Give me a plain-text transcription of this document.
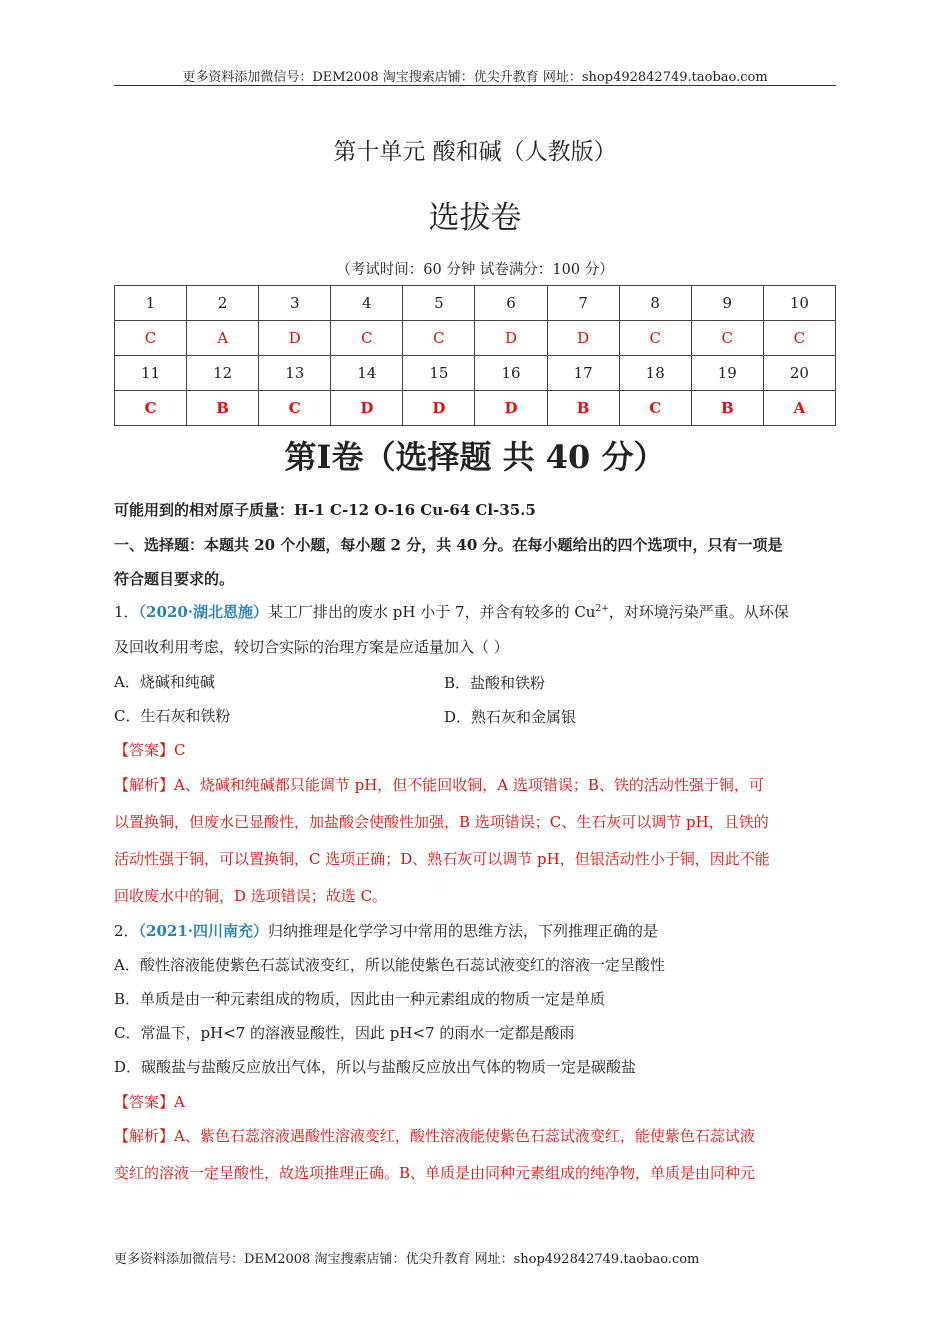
更多资料添加微信号：DEM2008 淘宝搜索店铺：优尖升教育 网址：shop492842749.taobao.com
第十单元 酸和碱（人教版）
选拔卷
（考试时间：60 分钟 试卷满分：100 分）
1	2	3	4	5	6	7	8	9	10
C	A	D	C	C	D	D	C	C	C
11	12	13	14	15	16	17	18	19	20
C	B	C	D	D	D	B	C	B	A
第Ⅰ卷（选择题 共 40 分）
可能用到的相对原子质量：H-1 C-12 O-16 Cu-64 Cl-35.5
一、选择题：本题共 20 个小题，每小题 2 分，共 40 分。在每小题给出的四个选项中，只有一项是
符合题目要求的。
1．（2020·湖北恩施）某工厂排出的废水 pH 小于 7，并含有较多的 $Cu^{2+}$，对环境污染严重。从环保
及回收利用考虑，较切合实际的治理方案是应适量加入（ ）
A．烧碱和纯碱	B．盐酸和铁粉
C．生石灰和铁粉	D．熟石灰和金属银
【答案】C
【解析】A、烧碱和纯碱都只能调节 pH，但不能回收铜，A 选项错误；B、铁的活动性强于铜，可
以置换铜，但废水已显酸性，加盐酸会使酸性加强，B 选项错误；C、生石灰可以调节 pH，且铁的
活动性强于铜，可以置换铜，C 选项正确；D、熟石灰可以调节 pH，但银活动性小于铜，因此不能
回收废水中的铜，D 选项错误；故选 C。
2．（2021·四川南充）归纳推理是化学学习中常用的思维方法，下列推理正确的是
A．酸性溶液能使紫色石蕊试液变红，所以能使紫色石蕊试液变红的溶液一定呈酸性
B．单质是由一种元素组成的物质，因此由一种元素组成的物质一定是单质
C．常温下，pH<7 的溶液显酸性，因此 pH<7 的雨水一定都是酸雨
D．碳酸盐与盐酸反应放出气体，所以与盐酸反应放出气体的物质一定是碳酸盐
【答案】A
【解析】A、紫色石蕊溶液遇酸性溶液变红，酸性溶液能使紫色石蕊试液变红，能使紫色石蕊试液
变红的溶液一定呈酸性，故选项推理正确。B、单质是由同种元素组成的纯净物，单质是由同种元
更多资料添加微信号：DEM2008 淘宝搜索店铺：优尖升教育 网址：shop492842749.taobao.com
